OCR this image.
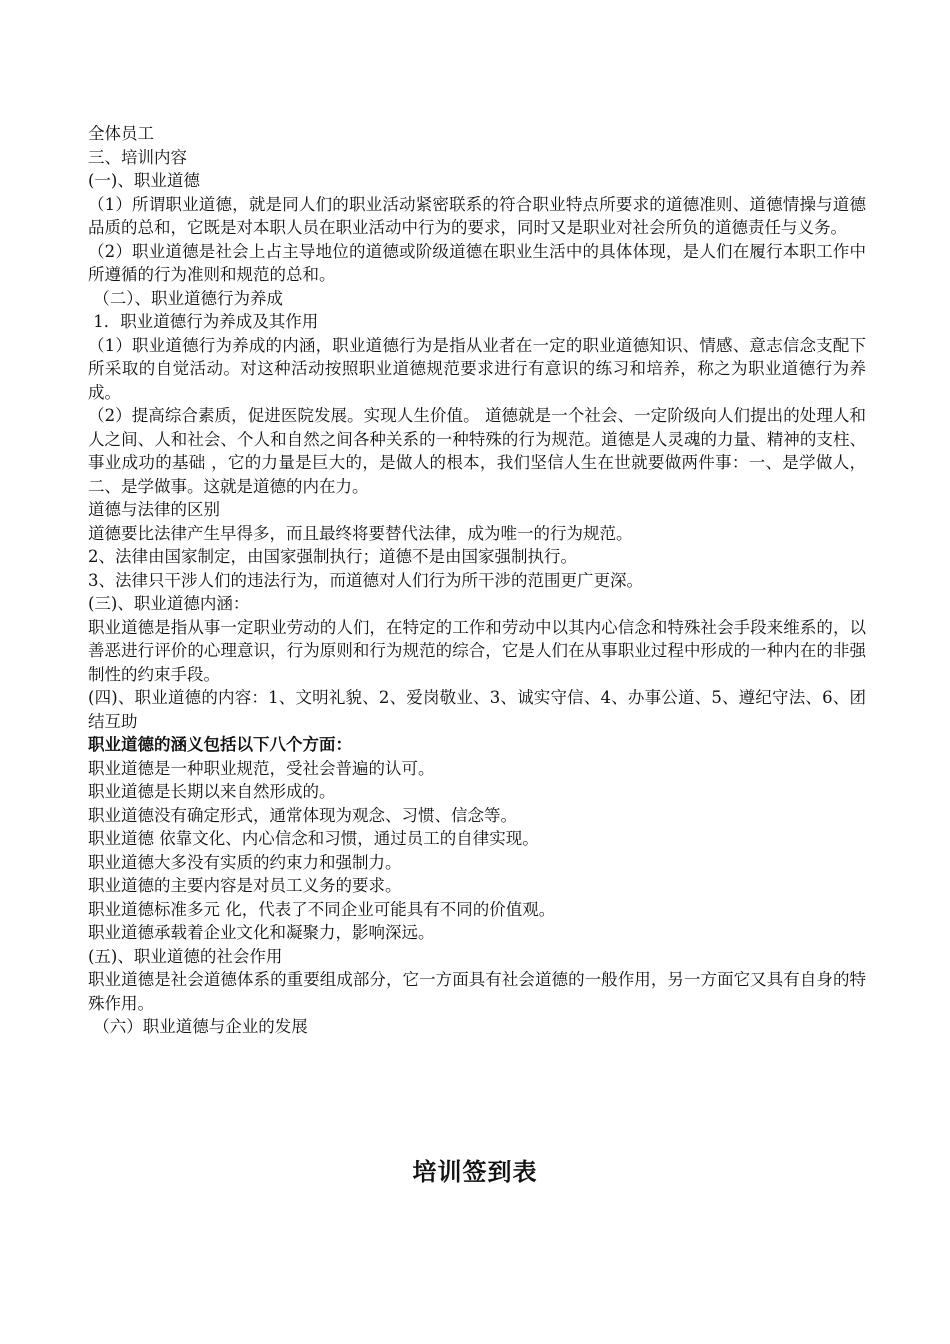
全体员工

三、培训内容

(一)、职业道德

（1）所谓职业道德，就是同人们的职业活动紧密联系的符合职业特点所要求的道德准则、道德情操与道德品质的总和，它既是对本职人员在职业活动中行为的要求，同时又是职业对社会所负的道德责任与义务。

（2）职业道德是社会上占主导地位的道德或阶级道德在职业生活中的具体体现，是人们在履行本职工作中所遵循的行为准则和规范的总和。

（二）、职业道德行为养成

1．职业道德行为养成及其作用

（1）职业道德行为养成的内涵，职业道德行为是指从业者在一定的职业道德知识、情感、意志信念支配下所采取的自觉活动。对这种活动按照职业道德规范要求进行有意识的练习和培养，称之为职业道德行为养成。

（2）提高综合素质，促进医院发展。实现人生价值。 道德就是一个社会、一定阶级向人们提出的处理人和人之间、人和社会、个人和自然之间各种关系的一种特殊的行为规范。道德是人灵魂的力量、精神的支柱、事业成功的基础 ，它的力量是巨大的，是做人的根本，我们坚信人生在世就要做两件事：一、是学做人，二、是学做事。这就是道德的内在力。

道德与法律的区别

道德要比法律产生早得多，而且最终将要替代法律，成为唯一的行为规范。

2、法律由国家制定，由国家强制执行；道德不是由国家强制执行。

3、法律只干涉人们的违法行为，而道德对人们行为所干涉的范围更广更深。

(三)、职业道德内涵：

职业道德是指从事一定职业劳动的人们，在特定的工作和劳动中以其内心信念和特殊社会手段来维系的，以善恶进行评价的心理意识，行为原则和行为规范的综合，它是人们在从事职业过程中形成的一种内在的非强制性的约束手段。

(四)、职业道德的内容：1、文明礼貌、2、爱岗敬业、3、诚实守信、4、办事公道、5、遵纪守法、6、团结互助

职业道德的涵义包括以下八个方面：

职业道德是一种职业规范，受社会普遍的认可。

职业道德是长期以来自然形成的。

职业道德没有确定形式，通常体现为观念、习惯、信念等。

职业道德 依靠文化、内心信念和习惯，通过员工的自律实现。

职业道德大多没有实质的约束力和强制力。

职业道德的主要内容是对员工义务的要求。

职业道德标准多元 化，代表了不同企业可能具有不同的价值观。

职业道德承载着企业文化和凝聚力，影响深远。

(五)、职业道德的社会作用

职业道德是社会道德体系的重要组成部分，它一方面具有社会道德的一般作用，另一方面它又具有自身的特殊作用。

（六）职业道德与企业的发展

培训签到表
